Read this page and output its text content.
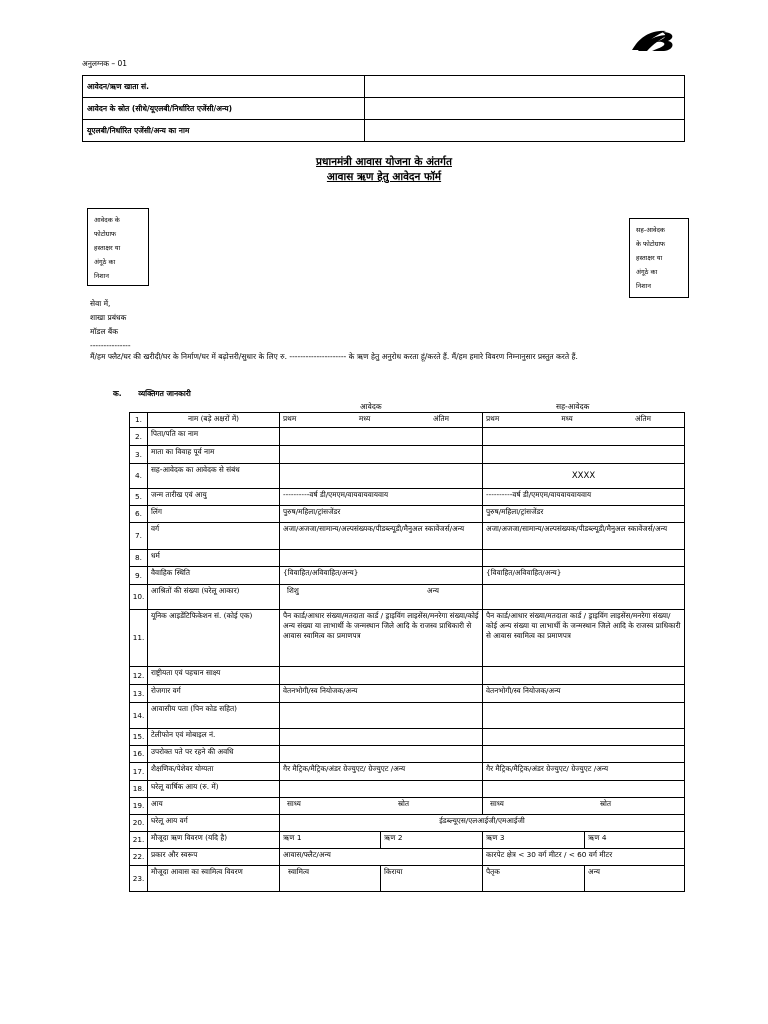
अनुलग्नक – 01
आवेदन/ऋण खाता सं.	
आवेदन के स्रोत (सीधे/यूएलबी/निर्धारित एजेंसी/अन्य)	
यूएलबी/निर्धारित एजेंसी/अन्य का नाम	
प्रधानमंत्री आवास योजना के अंतर्गत
आवास ऋण हेतु आवेदन फॉर्म
आवेदक के
फोटोग्राफ
हस्ताक्षर या
अंगूठे का
निशान
सह-आवेदक
के फोटोग्राफ
हस्ताक्षर या
अंगूठे का
निशान
सेवा में,
शाखा प्रबंधक
मॉडल बैंक
---------------
मैं/हम फ्लैट/घर की खरीदी/घर के निर्माण/घर में बढ़ोत्तरी/सुधार के लिए रु. --------------------- के ऋण हेतु अनुरोध करता हूं/करते हैं. मैं/हम हमारे विवरण निम्नानुसार प्रस्तुत करते हैं.
क. व्यक्तिगत जानकारी
आवेदक	सह-आवेदक
1.	नाम (बड़े अक्षरों में)	प्रथम मध्य अंतिम		प्रथम मध्य अंतिम	

2.	पिता/पति का नाम				
3.	माता का विवाह पूर्व नाम				
4.	सह-आवेदक का आवेदक से संबंध			XXXX	
5.	जन्म तारीख एवं आयु	----------वर्ष डी/एमएम/वायवायवायवाय		----------वर्ष डी/एमएम/वायवायवायवाय	
6.	लिंग	पुरुष/महिला/ट्रांसजेंडर		पुरुष/महिला/ट्रांसजेंडर	
7.	वर्ग	अजा/अजजा/सामान्य/अल्पसंख्यक/पीडब्ल्यूडी/मैनुअल स्कावेंजर्स/अन्य		अजा/अजजा/सामान्य/अल्पसंख्यक/पीडब्ल्यूडी/मैनुअल स्कावेंजर्स/अन्य	
8.	धर्म				
9.	वैवाहिक स्थिति	{विवाहित/अविवाहित/अन्य}		{विवाहित/अविवाहित/अन्य}	
10.	आश्रितों की संख्या (घरेलू आकार)	शिशु अन्य			

11.	यूनिक आइडेंटिफिकेशन सं. (कोई एक)	पैन कार्ड/आधार संख्या/मतदाता कार्ड / ड्राइविंग लाइसेंस/मनरेगा संख्या/कोई अन्य संख्या या लाभार्थी के जन्मस्थान जिले आदि के राजस्व प्राधिकारी से आवास स्वामित्व का प्रमाणपत्र		पैन कार्ड/आधार संख्या/मतदाता कार्ड / ड्राइविंग लाइसेंस/मनरेगा संख्या/कोई अन्य संख्या या लाभार्थी के जन्मस्थान जिले आदि के राजस्व प्राधिकारी से आवास स्वामित्व का प्रमाणपत्र	
12.	राष्ट्रीयता एवं पहचान साक्ष्य				
13.	रोजगार वर्ग	वेतनभोगी/स्व नियोजक/अन्य		वेतनभोगी/स्व नियोजक/अन्य	
14.	आवासीय पता (पिन कोड सहित)				
15.	टेलीफोन एवं मोबाइल नं.				
16.	उपरोक्त पते पर रहने की अवधि				
17.	शैक्षणिक/पेशेवर योग्यता	गैर मैट्रिक/मैट्रिक/अंडर ग्रेज्युएट/ ग्रेज्युएट /अन्य		गैर मैट्रिक/मैट्रिक/अंडर ग्रेज्युएट/ ग्रेज्युएट /अन्य	
18.	घरेलू वार्षिक आय (रु. में)				
19.	आय	साध्य स्रोत		साध्य स्रोत	

20.	घरेलू आय वर्ग	ईडब्ल्यूएस/एलआईजी/एमआईजी			
21.	मौजूदा ऋण विवरण (यदि है)	ऋण 1	ऋण 2	ऋण 3	ऋण 4
22.	प्रकार और स्वरूप	आवास/फ्लैट/अन्य		कारपेट क्षेत्र < 30 वर्ग मीटर / < 60 वर्ग मीटर	
23.	मौजूदा आवास का स्वामित्व विवरण	स्वामित्व	किराया	पैतृक	अन्य
